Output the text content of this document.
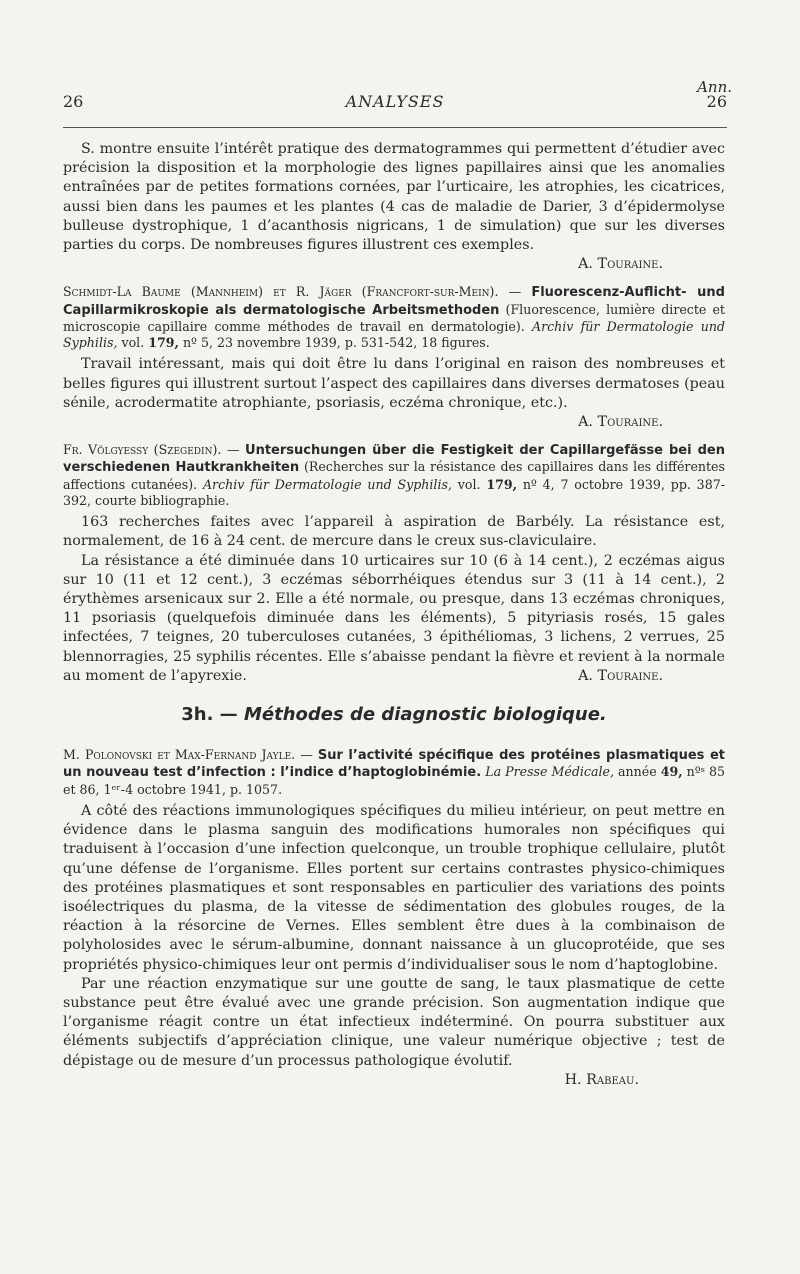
Ann.
26	ANALYSES	26

S. montre ensuite l’intérêt pratique des dermatogrammes qui permettent d’étudier avec précision la disposition et la morphologie des lignes papillaires ainsi que les anomalies entraînées par de petites formations cornées, par l’urticaire, les atrophies, les cicatrices, aussi bien dans les paumes et les plantes (4 cas de maladie de Darier, 3 d’épidermolyse bulleuse dystrophique, 1 d’acanthosis nigricans, 1 de simulation) que sur les diverses parties du corps. De nombreuses figures illustrent ces exemples.

A. Touraine.

Schmidt-La Baume (Mannheim) et R. Jäger (Francfort-sur-Mein). — Fluorescenz-Auflicht- und Capillarmikroskopie als dermatologische Arbeitsmethoden (Fluorescence, lumière directe et microscopie capillaire comme méthodes de travail en dermatologie). Archiv für Dermatologie und Syphilis, vol. 179, nº 5, 23 novembre 1939, p. 531-542, 18 figures.

Travail intéressant, mais qui doit être lu dans l’original en raison des nombreuses et belles figures qui illustrent surtout l’aspect des capillaires dans diverses dermatoses (peau sénile, acrodermatite atrophiante, psoriasis, eczéma chronique, etc.).

A. Touraine.

Fr. Völgyessy (Szegedin). — Untersuchungen über die Festigkeit der Capillargefässe bei den verschiedenen Hautkrankheiten (Recherches sur la résistance des capillaires dans les différentes affections cutanées). Archiv für Dermatologie und Syphilis, vol. 179, nº 4, 7 octobre 1939, pp. 387-392, courte bibliographie.

163 recherches faites avec l’appareil à aspiration de Barbély. La résistance est, normalement, de 16 à 24 cent. de mercure dans le creux sus-claviculaire.

La résistance a été diminuée dans 10 urticaires sur 10 (6 à 14 cent.), 2 eczémas aigus sur 10 (11 et 12 cent.), 3 eczémas séborrhéiques étendus sur 3 (11 à 14 cent.), 2 érythèmes arsenicaux sur 2. Elle a été normale, ou presque, dans 13 eczémas chroniques, 11 psoriasis (quelquefois diminuée dans les éléments), 5 pityriasis rosés, 15 gales infectées, 7 teignes, 20 tuberculoses cutanées, 3 épithéliomas, 3 lichens, 2 verrues, 25 blennorragies, 25 syphilis récentes. Elle s’abaisse pendant la fièvre et revient à la normale au moment de l’apyrexie.	A. Touraine.

3h. — Méthodes de diagnostic biologique.

M. Polonovski et Max-Fernand Jayle. — Sur l’activité spécifique des protéines plasmatiques et un nouveau test d’infection : l’indice d’haptoglobinémie. La Presse Médicale, année 49, nºˢ 85 et 86, 1ᵉʳ-4 octobre 1941, p. 1057.

A côté des réactions immunologiques spécifiques du milieu intérieur, on peut mettre en évidence dans le plasma sanguin des modifications humorales non spécifiques qui traduisent à l’occasion d’une infection quelconque, un trouble trophique cellulaire, plutôt qu’une défense de l’organisme. Elles portent sur certains contrastes physico-chimiques des protéines plasmatiques et sont responsables en particulier des variations des points isoélectriques du plasma, de la vitesse de sédimentation des globules rouges, de la réaction à la résorcine de Vernes. Elles semblent être dues à la combinaison de polyholosides avec le sérum-albumine, donnant naissance à un glucoprotéide, que ses propriétés physico-chimiques leur ont permis d’individualiser sous le nom d’haptoglobine.

Par une réaction enzymatique sur une goutte de sang, le taux plasmatique de cette substance peut être évalué avec une grande précision. Son augmentation indique que l’organisme réagit contre un état infectieux indéterminé. On pourra substituer aux éléments subjectifs d’appréciation clinique, une valeur numérique objective ; test de dépistage ou de mesure d’un processus pathologique évolutif.

H. Rabeau.
